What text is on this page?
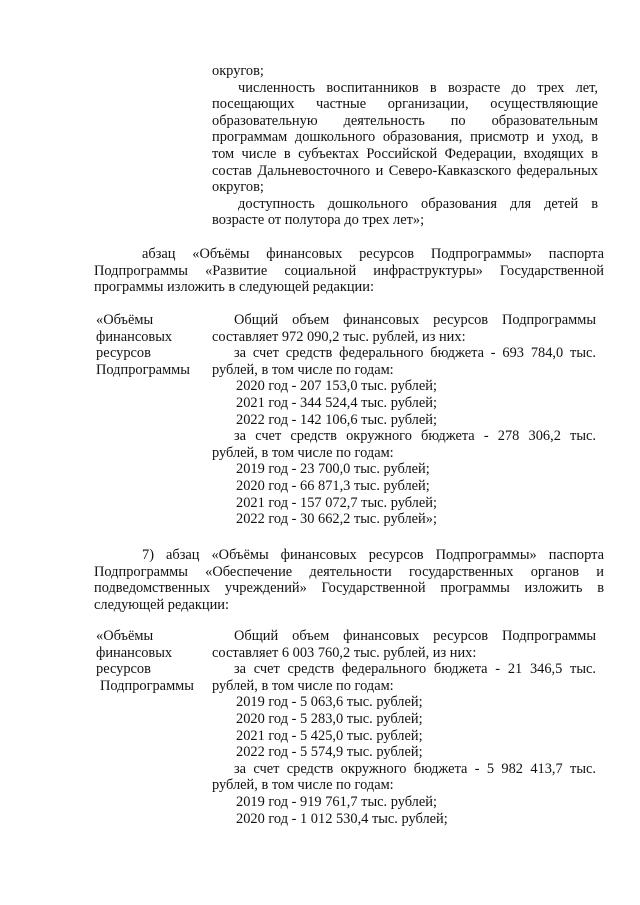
округов;

численность воспитанников в возрасте до трех лет, посещающих частные организации, осуществляющие образовательную деятельность по образовательным программам дошкольного образования, присмотр и уход, в том числе в субъектах Российской Федерации, входящих в состав Дальневосточного и Северо-Кавказского федеральных округов;

доступность дошкольного образования для детей в возрасте от полутора до трех лет»;

абзац «Объёмы финансовых ресурсов Подпрограммы» паспорта Подпрограммы «Развитие социальной инфраструктуры» Государственной программы изложить в следующей редакции:

«Объёмы
финансовых
ресурсов
Подпрограммы

Общий объем финансовых ресурсов Подпрограммы составляет 972 090,2 тыс. рублей, из них:

за счет средств федерального бюджета - 693 784,0 тыс. рублей, в том числе по годам:

2020 год - 207 153,0 тыс. рублей;

2021 год - 344 524,4 тыс. рублей;

2022 год - 142 106,6 тыс. рублей;

за счет средств окружного бюджета - 278 306,2 тыс. рублей, в том числе по годам:

2019 год - 23 700,0 тыс. рублей;

2020 год - 66 871,3 тыс. рублей;

2021 год - 157 072,7 тыс. рублей;

2022 год - 30 662,2 тыс. рублей»;

7) абзац «Объёмы финансовых ресурсов Подпрограммы» паспорта Подпрограммы «Обеспечение деятельности государственных органов и подведомственных учреждений» Государственной программы изложить в следующей редакции:

«Объёмы
финансовых
ресурсов
Подпрограммы

Общий объем финансовых ресурсов Подпрограммы составляет 6 003 760,2 тыс. рублей, из них:

за счет средств федерального бюджета - 21 346,5 тыс. рублей, в том числе по годам:

2019 год - 5 063,6 тыс. рублей;

2020 год - 5 283,0 тыс. рублей;

2021 год - 5 425,0 тыс. рублей;

2022 год - 5 574,9 тыс. рублей;

за счет средств окружного бюджета - 5 982 413,7 тыс. рублей, в том числе по годам:

2019 год - 919 761,7 тыс. рублей;

2020 год - 1 012 530,4 тыс. рублей;
